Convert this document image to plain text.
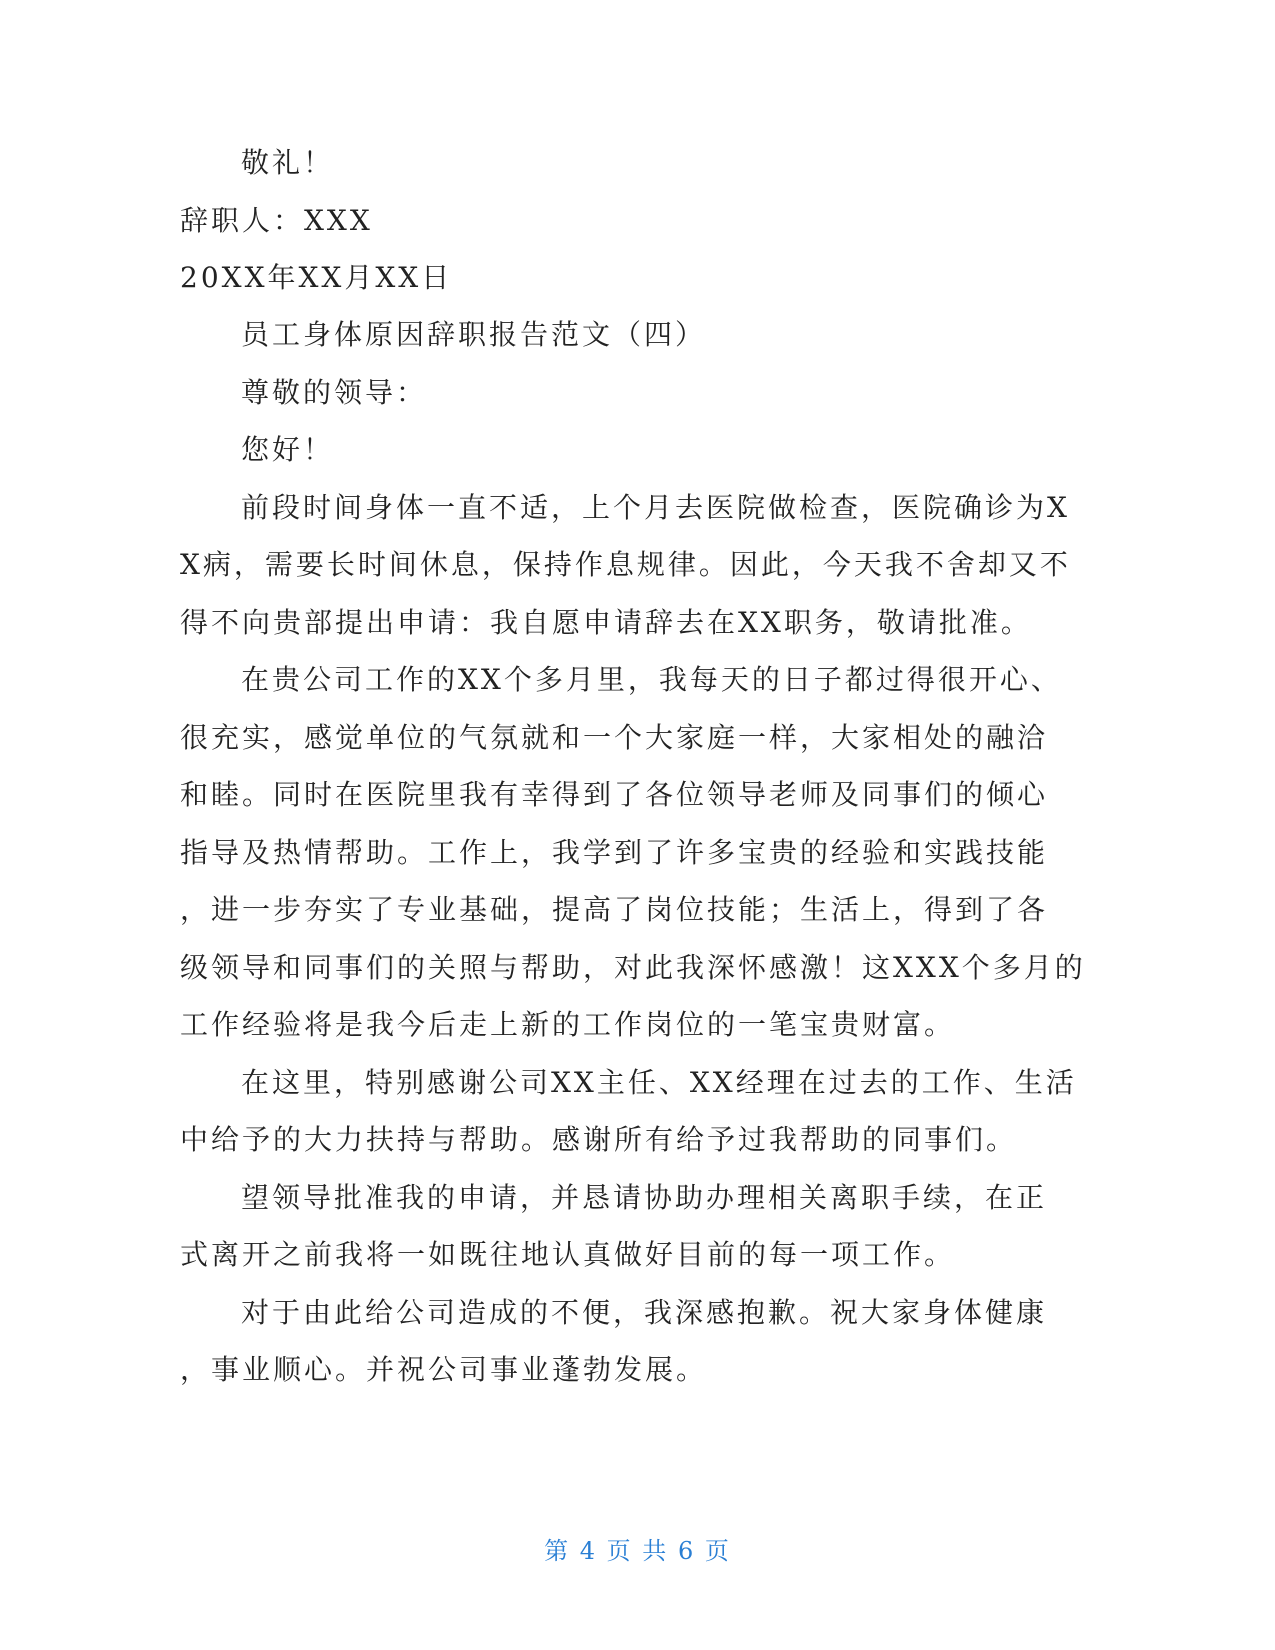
敬礼！
辞职人：XXX
20XX年XX月XX日
员工身体原因辞职报告范文（四）
尊敬的领导：
您好！
前段时间身体一直不适，上个月去医院做检查，医院确诊为X
X病，需要长时间休息，保持作息规律。因此，今天我不舍却又不
得不向贵部提出申请：我自愿申请辞去在XX职务，敬请批准。
在贵公司工作的XX个多月里，我每天的日子都过得很开心、
很充实，感觉单位的气氛就和一个大家庭一样，大家相处的融洽
和睦。同时在医院里我有幸得到了各位领导老师及同事们的倾心
指导及热情帮助。工作上，我学到了许多宝贵的经验和实践技能
，进一步夯实了专业基础，提高了岗位技能；生活上，得到了各
级领导和同事们的关照与帮助，对此我深怀感激！这XXX个多月的
工作经验将是我今后走上新的工作岗位的一笔宝贵财富。
在这里，特别感谢公司XX主任、XX经理在过去的工作、生活
中给予的大力扶持与帮助。感谢所有给予过我帮助的同事们。
望领导批准我的申请，并恳请协助办理相关离职手续，在正
式离开之前我将一如既往地认真做好目前的每一项工作。
对于由此给公司造成的不便，我深感抱歉。祝大家身体健康
，事业顺心。并祝公司事业蓬勃发展。
第 4 页 共 6 页
